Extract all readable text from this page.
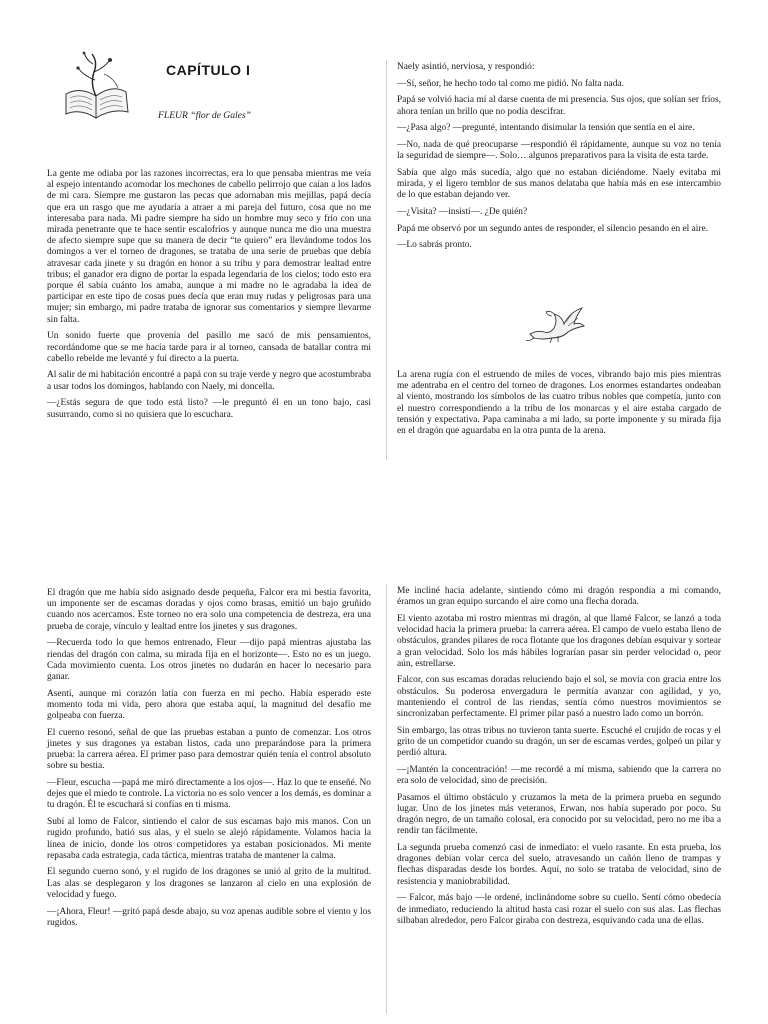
CAPÍTULO I
FLEUR “flor de Gales”

La gente me odiaba por las razones incorrectas, era lo que pensaba mientras me veía al espejo intentando acomodar los mechones de cabello pelirrojo que caían a los lados de mi cara. Siempre me gustaron las pecas que adornaban mis mejillas, papá decía que era un rasgo que me ayudaría a atraer a mi pareja del futuro, cosa que no me interesaba para nada. Mi padre siempre ha sido un hombre muy seco y frío con una mirada penetrante que te hace sentir escalofríos y aunque nunca me dio una muestra de afecto siempre supe que su manera de decir “te quiero” era llevándome todos los domingos a ver el torneo de dragones, se trataba de una serie de pruebas que debía atravesar cada jinete y su dragón en honor a su tribu y para demostrar lealtad entre tribus; el ganador era digno de portar la espada legendaria de los cielos; todo esto era porque él sabía cuánto los amaba, aunque a mi madre no le agradaba la idea de participar en este tipo de cosas pues decía que eran muy rudas y peligrosas para una mujer; sin embargo, mi padre trataba de ignorar sus comentarios y siempre llevarme sin falta.

Un sonido fuerte que provenía del pasillo me sacó de mis pensamientos, recordándome que se me hacía tarde para ir al torneo, cansada de batallar contra mi cabello rebelde me levanté y fui directo a la puerta.

Al salir de mi habitación encontré a papá con su traje verde y negro que acostumbraba a usar todos los domingos, hablando con Naely, mi doncella.

—¿Estás segura de que todo está listo? —le preguntó él en un tono bajo, casi susurrando, como si no quisiera que lo escuchara.

Naely asintió, nerviosa, y respondió:

—Sí, señor, he hecho todo tal como me pidió. No falta nada.

Papá se volvió hacia mí al darse cuenta de mi presencia. Sus ojos, que solían ser fríos, ahora tenían un brillo que no podía descifrar.

—¿Pasa algo? —pregunté, intentando disimular la tensión que sentía en el aire.

—No, nada de qué preocuparse —respondió él rápidamente, aunque su voz no tenía la seguridad de siempre—. Solo… algunos preparativos para la visita de esta tarde.

Sabía que algo más sucedía, algo que no estaban diciéndome. Naely evitaba mi mirada, y el ligero temblor de sus manos delataba que había más en ese intercambio de lo que estaban dejando ver.

—¿Visita? —insistí—. ¿De quién?

Papá me observó por un segundo antes de responder, el silencio pesando en el aire.

—Lo sabrás pronto.

La arena rugía con el estruendo de miles de voces, vibrando bajo mis pies mientras me adentraba en el centro del torneo de dragones. Los enormes estandartes ondeaban al viento, mostrando los símbolos de las cuatro tribus nobles que competía, junto con el nuestro correspondiendo a la tribu de los monarcas y el aire estaba cargado de tensión y expectativa. Papa caminaba a mi lado, su porte imponente y su mirada fija en el dragón que aguardaba en la otra punta de la arena.

El dragón que me había sido asignado desde pequeña, Falcor era mi bestia favorita, un imponente ser de escamas doradas y ojos como brasas, emitió un bajo gruñido cuando nos acercamos. Este torneo no era solo una competencia de destreza, era una prueba de coraje, vínculo y lealtad entre los jinetes y sus dragones.

—Recuerda todo lo que hemos entrenado, Fleur —dijo papá mientras ajustaba las riendas del dragón con calma, su mirada fija en el horizonte—. Esto no es un juego. Cada movimiento cuenta. Los otros jinetes no dudarán en hacer lo necesario para ganar.

Asentí, aunque mi corazón latía con fuerza en mi pecho. Había esperado este momento toda mi vida, pero ahora que estaba aquí, la magnitud del desafío me golpeaba con fuerza.

El cuerno resonó, señal de que las pruebas estaban a punto de comenzar. Los otros jinetes y sus dragones ya estaban listos, cada uno preparándose para la primera prueba: la carrera aérea. El primer paso para demostrar quién tenía el control absoluto sobre su bestia.

—Fleur, escucha —papá me miró directamente a los ojos—. Haz lo que te enseñé. No dejes que el miedo te controle. La victoria no es solo vencer a los demás, es dominar a tu dragón. Él te escuchará si confías en ti misma.

Subí al lomo de Falcor, sintiendo el calor de sus escamas bajo mis manos. Con un rugido profundo, batió sus alas, y el suelo se alejó rápidamente. Volamos hacia la línea de inicio, donde los otros competidores ya estaban posicionados. Mi mente repasaba cada estrategia, cada táctica, mientras trataba de mantener la calma.

El segundo cuerno sonó, y el rugido de los dragones se unió al grito de la multitud. Las alas se desplegaron y los dragones se lanzaron al cielo en una explosión de velocidad y fuego.

—¡Ahora, Fleur! —gritó papá desde abajo, su voz apenas audible sobre el viento y los rugidos.

Me incliné hacia adelante, sintiendo cómo mi dragón respondía a mi comando, éramos un gran equipo surcando el aire como una flecha dorada.

El viento azotaba mi rostro mientras mi dragón, al que llamé Falcor, se lanzó a toda velocidad hacia la primera prueba: la carrera aérea. El campo de vuelo estaba lleno de obstáculos, grandes pilares de roca flotante que los dragones debían esquivar y sortear a gran velocidad. Solo los más hábiles lograrían pasar sin perder velocidad o, peor aún, estrellarse.

Falcor, con sus escamas doradas reluciendo bajo el sol, se movía con gracia entre los obstáculos. Su poderosa envergadura le permitía avanzar con agilidad, y yo, manteniendo el control de las riendas, sentía cómo nuestros movimientos se sincronizaban perfectamente. El primer pilar pasó a nuestro lado como un borrón.

Sin embargo, las otras tribus no tuvieron tanta suerte. Escuché el crujido de rocas y el grito de un competidor cuando su dragón, un ser de escamas verdes, golpeó un pilar y perdió altura.

—¡Mantén la concentración! —me recordé a mí misma, sabiendo que la carrera no era solo de velocidad, sino de precisión.

Pasamos el último obstáculo y cruzamos la meta de la primera prueba en segundo lugar. Uno de los jinetes más veteranos, Erwan, nos había superado por poco. Su dragón negro, de un tamaño colosal, era conocido por su velocidad, pero no me iba a rendir tan fácilmente.

La segunda prueba comenzó casi de inmediato: el vuelo rasante. En esta prueba, los dragones debían volar cerca del suelo, atravesando un cañón lleno de trampas y flechas disparadas desde los bordes. Aquí, no solo se trataba de velocidad, sino de resistencia y maniobrabilidad.

— Falcor, más bajo —le ordené, inclinándome sobre su cuello. Sentí cómo obedecía de inmediato, reduciendo la altitud hasta casi rozar el suelo con sus alas. Las flechas silbaban alrededor, pero Falcor giraba con destreza, esquivando cada una de ellas.
